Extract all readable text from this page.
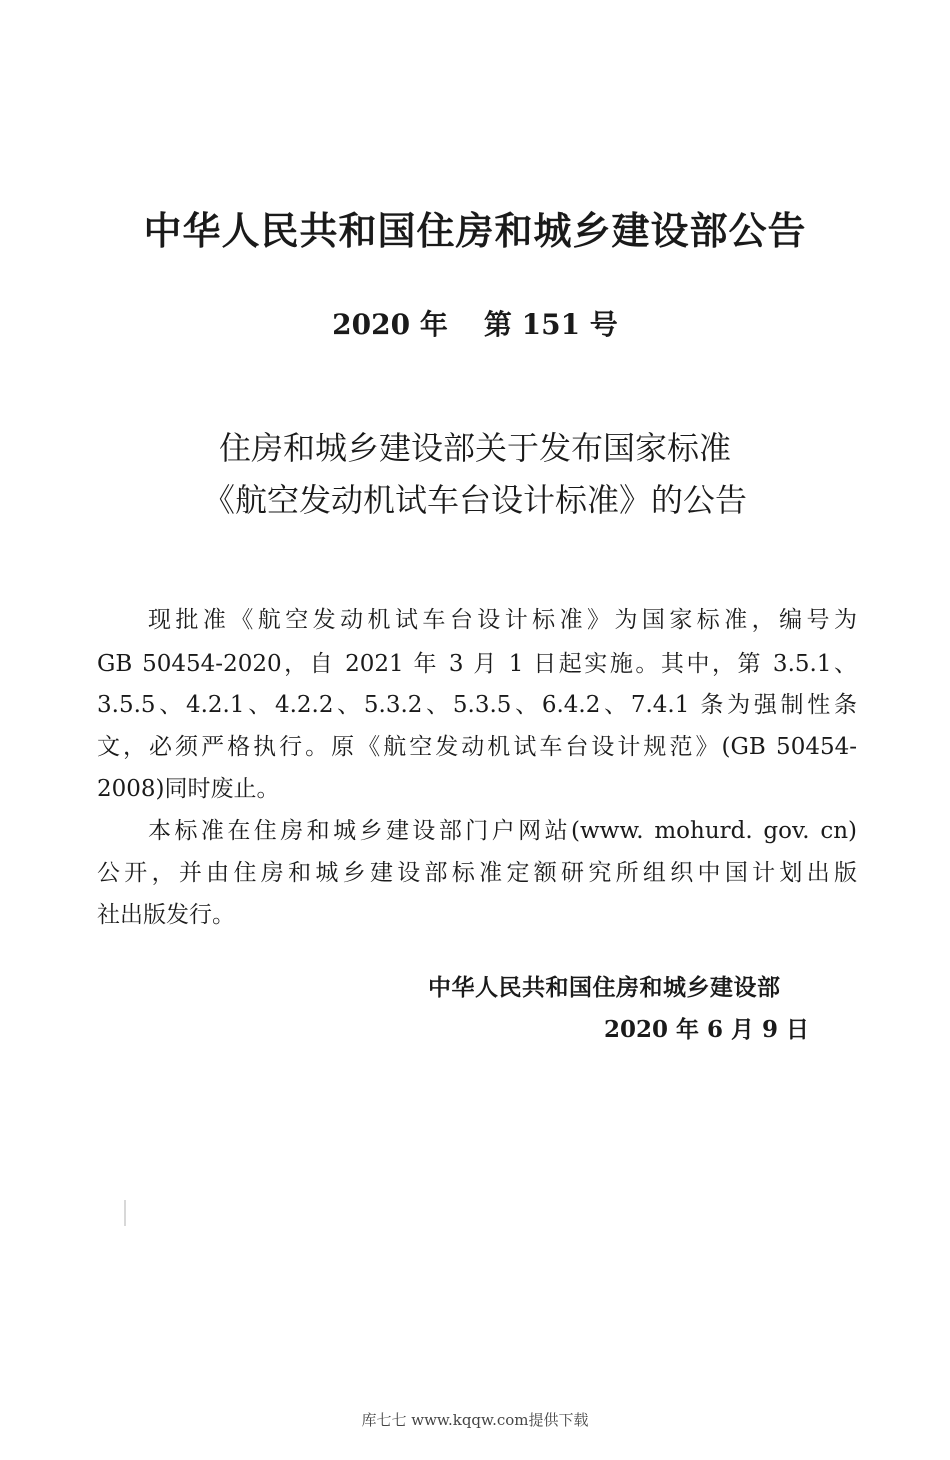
中华人民共和国住房和城乡建设部公告
2020 年 第 151 号
住房和城乡建设部关于发布国家标准
《航空发动机试车台设计标准》的公告
现批准《航空发动机试车台设计标准》为国家标准，编号为
GB 50454-2020，自 2021 年 3 月 1 日起实施。其中，第 3.5.1、
3.5.5、4.2.1、4.2.2、5.3.2、5.3.5、6.4.2、7.4.1 条为强制性条
文，必须严格执行。原《航空发动机试车台设计规范》(GB 50454-
2008)同时废止。
本标准在住房和城乡建设部门户网站(www. mohurd. gov. cn)
公开，并由住房和城乡建设部标准定额研究所组织中国计划出版
社出版发行。
中华人民共和国住房和城乡建设部
2020 年 6 月 9 日
库七七 www.kqqw.com提供下载
